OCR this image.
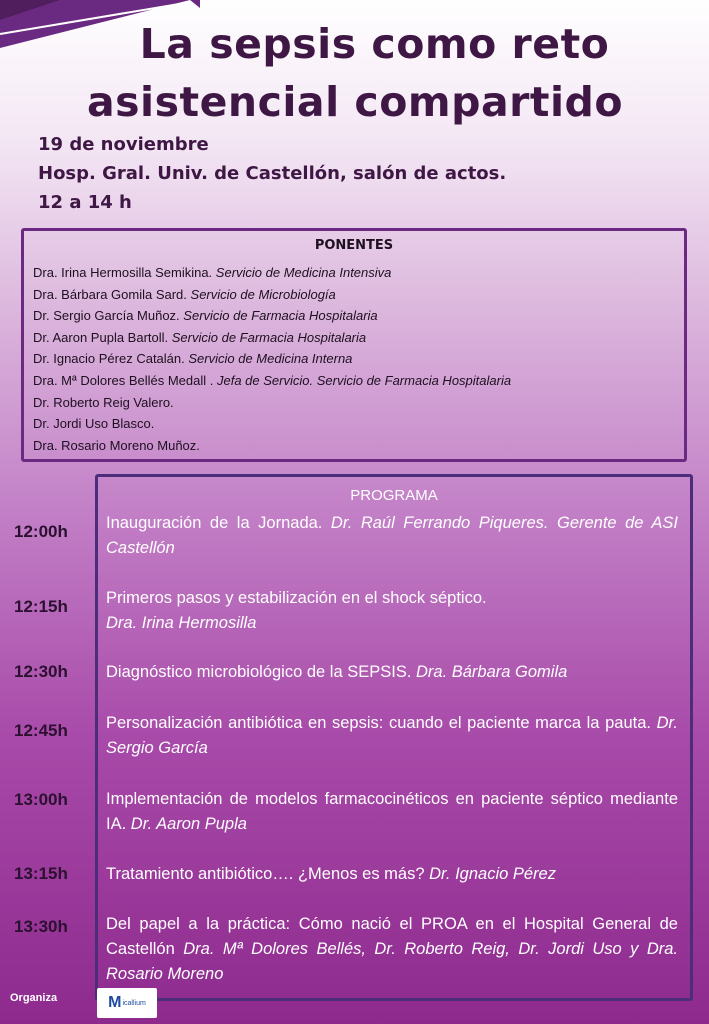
La sepsis como reto
asistencial compartido
19 de noviembre
Hosp. Gral. Univ. de Castellón, salón de actos.
12 a 14 h
PONENTES
Dra. Irina Hermosilla Semikina. Servicio de Medicina Intensiva
Dra. Bárbara Gomila Sard. Servicio de Microbiología
Dr. Sergio García Muñoz. Servicio de Farmacia Hospitalaria
Dr. Aaron Pupla Bartoll. Servicio de Farmacia Hospitalaria
Dr. Ignacio Pérez Catalán. Servicio de Medicina Interna
Dra. Mª Dolores Bellés Medall . Jefa de Servicio. Servicio de Farmacia Hospitalaria
Dr. Roberto Reig Valero.
Dr. Jordi Uso Blasco.
Dra. Rosario Moreno Muñoz.
PROGRAMA
12:00h	Inauguración de la Jornada. Dr. Raúl Ferrando Piqueres. Gerente de ASI Castellón
12:15h	Primeros pasos y estabilización en el shock séptico.
Dra. Irina Hermosilla
12:30h	Diagnóstico microbiológico de la SEPSIS. Dra. Bárbara Gomila
12:45h	Personalización antibiótica en sepsis: cuando el paciente marca la pauta. Dr. Sergio García
13:00h	Implementación de modelos farmacocinéticos en paciente séptico mediante IA. Dr. Aaron Pupla
13:15h	Tratamiento antibiótico…. ¿Menos es más? Dr. Ignacio Pérez
13:30h	Del papel a la práctica: Cómo nació el PROA en el Hospital General de Castellón Dra. Mª Dolores Bellés, Dr. Roberto Reig, Dr. Jordi Uso y Dra. Rosario Moreno
Organiza	M icallium
